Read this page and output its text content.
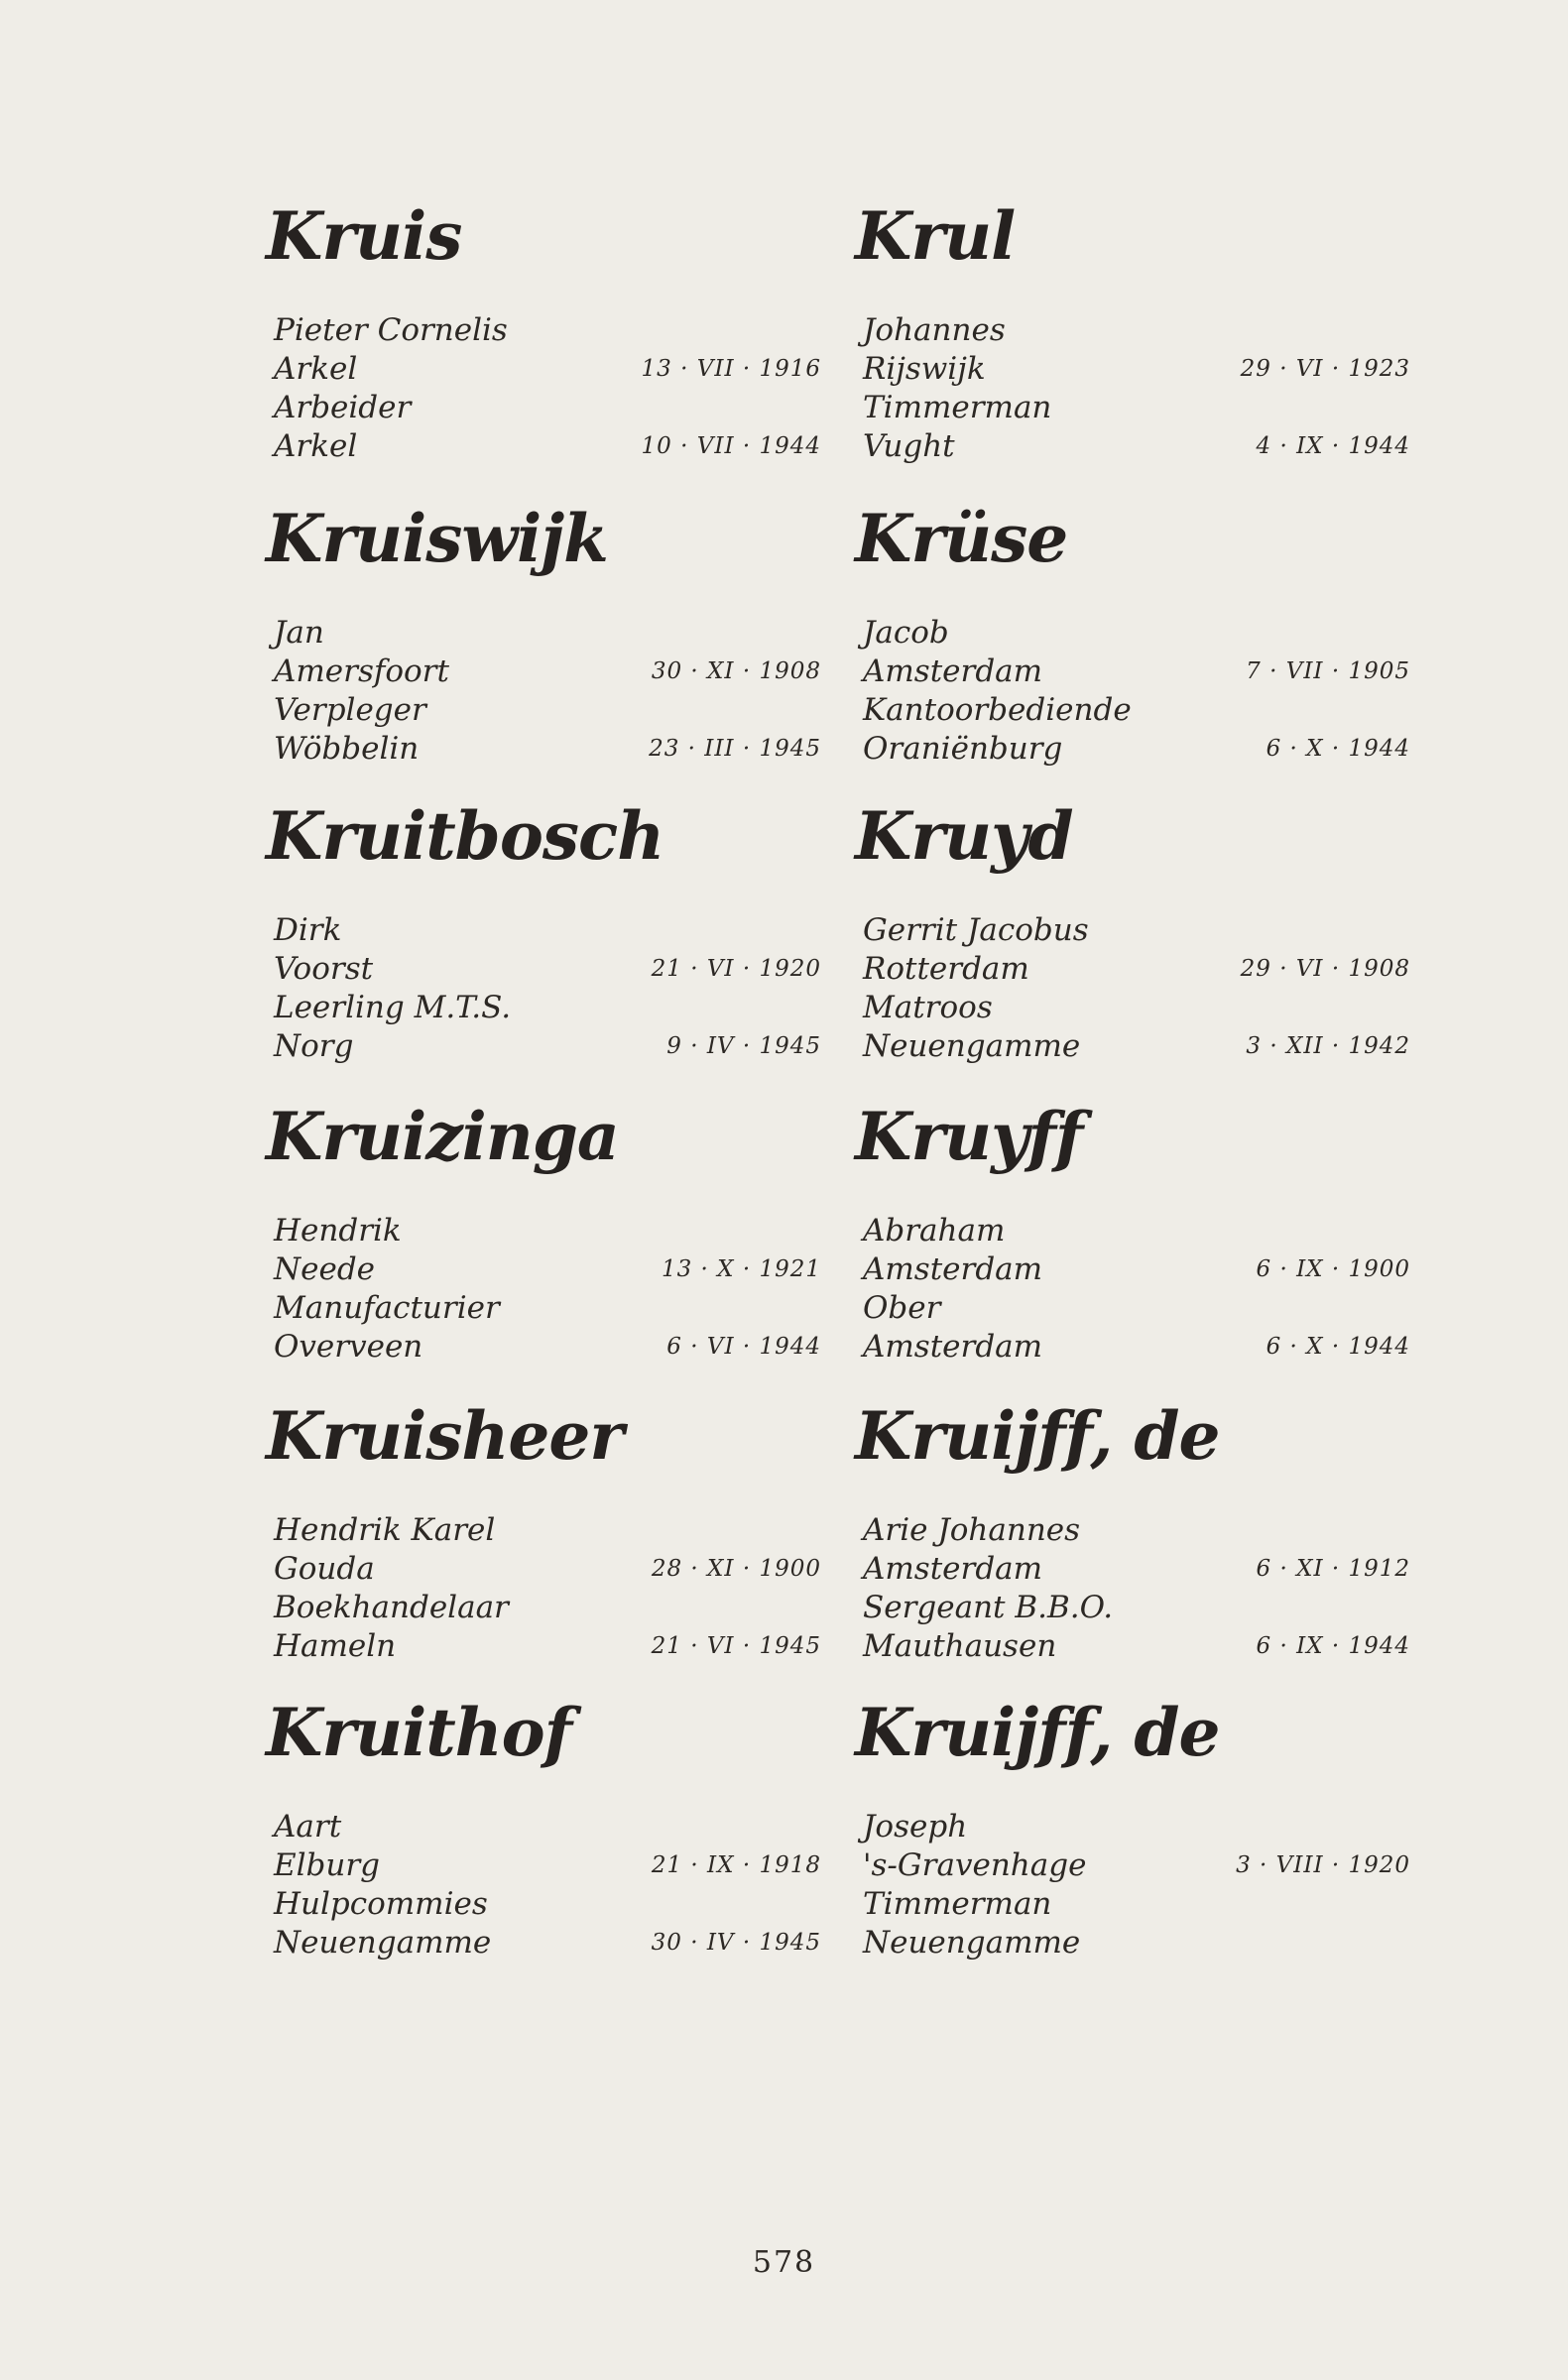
Kruis
Pieter Cornelis
Arkel	13 · VII · 1916
Arbeider
Arkel	10 · VII · 1944
Krul
Johannes
Rijswijk	29 · VI · 1923
Timmerman
Vught	4 · IX · 1944
Kruiswijk
Jan
Amersfoort	30 · XI · 1908
Verpleger
Wöbbelin	23 · III · 1945
Krüse
Jacob
Amsterdam	7 · VII · 1905
Kantoorbediende
Oraniënburg	6 · X · 1944
Kruitbosch
Dirk
Voorst	21 · VI · 1920
Leerling M.T.S.
Norg	9 · IV · 1945
Kruyd
Gerrit Jacobus
Rotterdam	29 · VI · 1908
Matroos
Neuengamme	3 · XII · 1942
Kruizinga
Hendrik
Neede	13 · X · 1921
Manufacturier
Overveen	6 · VI · 1944
Kruyff
Abraham
Amsterdam	6 · IX · 1900
Ober
Amsterdam	6 · X · 1944
Kruisheer
Hendrik Karel
Gouda	28 · XI · 1900
Boekhandelaar
Hameln	21 · VI · 1945
Kruijff, de
Arie Johannes
Amsterdam	6 · XI · 1912
Sergeant B.B.O.
Mauthausen	6 · IX · 1944
Kruithof
Aart
Elburg	21 · IX · 1918
Hulpcommies
Neuengamme	30 · IV · 1945
Kruijff, de
Joseph
's-Gravenhage	3 · VIII · 1920
Timmerman
Neuengamme
578
